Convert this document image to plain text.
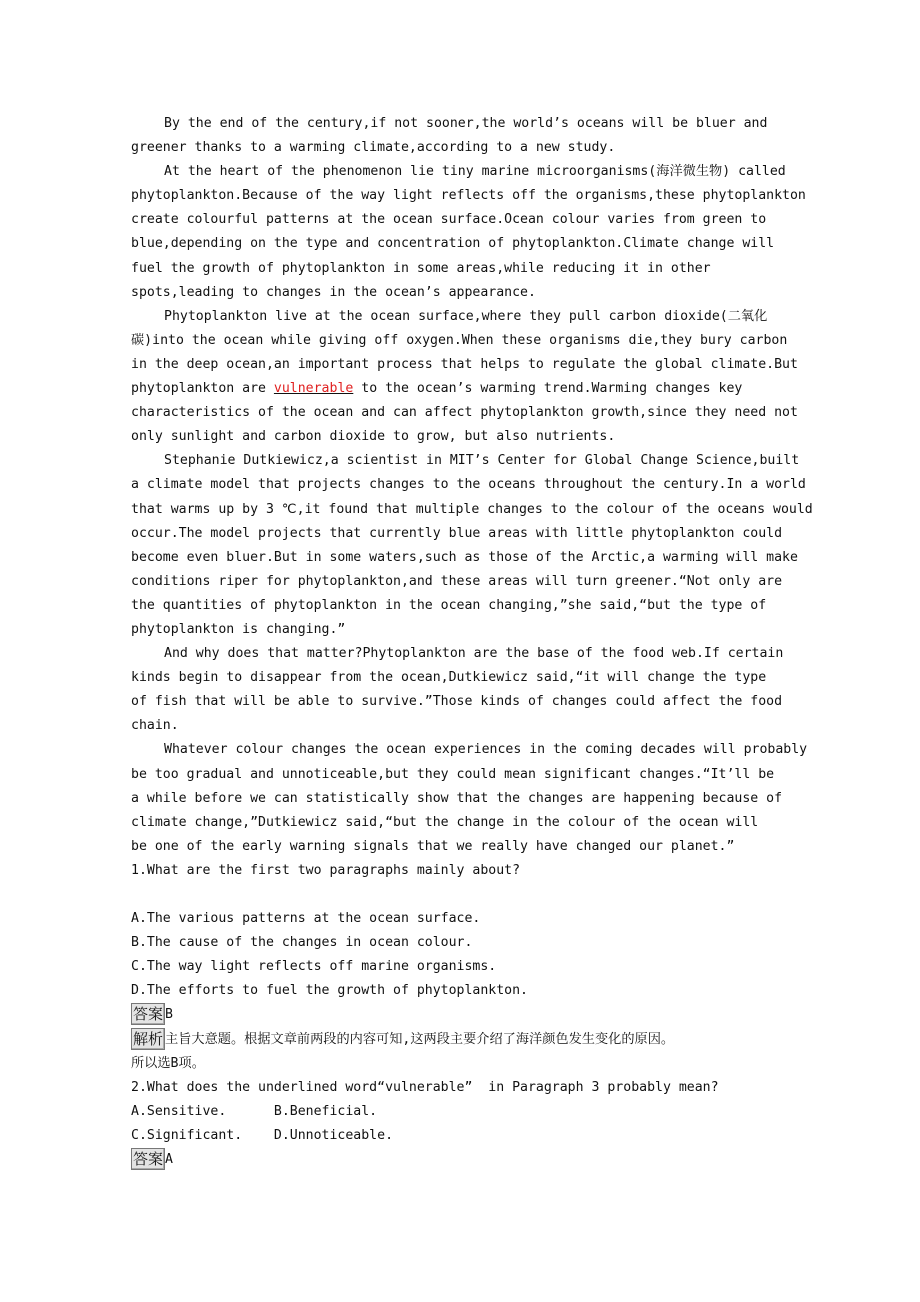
By the end of the century,if not sooner,the world’s oceans will be bluer and
greener thanks to a warming climate,according to a new study.
At the heart of the phenomenon lie tiny marine microorganisms(海洋微生物) called
phytoplankton.Because of the way light reflects off the organisms,these phytoplankton
create colourful patterns at the ocean surface.Ocean colour varies from green to
blue,depending on the type and concentration of phytoplankton.Climate change will
fuel the growth of phytoplankton in some areas,while reducing it in other
spots,leading to changes in the ocean’s appearance.
Phytoplankton live at the ocean surface,where they pull carbon dioxide(二氧化
碳)into the ocean while giving off oxygen.When these organisms die,they bury carbon
in the deep ocean,an important process that helps to regulate the global climate.But
phytoplankton are vulnerable to the ocean’s warming trend.Warming changes key
characteristics of the ocean and can affect phytoplankton growth,since they need not
only sunlight and carbon dioxide to grow, but also nutrients.
Stephanie Dutkiewicz,a scientist in MIT’s Center for Global Change Science,built
a climate model that projects changes to the oceans throughout the century.In a world
that warms up by 3 ℃,it found that multiple changes to the colour of the oceans would
occur.The model projects that currently blue areas with little phytoplankton could
become even bluer.But in some waters,such as those of the Arctic,a warming will make
conditions riper for phytoplankton,and these areas will turn greener.“Not only are
the quantities of phytoplankton in the ocean changing,”she said,“but the type of
phytoplankton is changing.”
And why does that matter?Phytoplankton are the base of the food web.If certain
kinds begin to disappear from the ocean,Dutkiewicz said,“it will change the type
of fish that will be able to survive.”Those kinds of changes could affect the food
chain.
Whatever colour changes the ocean experiences in the coming decades will probably
be too gradual and unnoticeable,but they could mean significant changes.“It’ll be
a while before we can statistically show that the changes are happening because of
climate change,”Dutkiewicz said,“but the change in the colour of the ocean will
be one of the early warning signals that we really have changed our planet.”
1.What are the first two paragraphs mainly about?
A.The various patterns at the ocean surface.
B.The cause of the changes in ocean colour.
C.The way light reflects off marine organisms.
D.The efforts to fuel the growth of phytoplankton.
答案 B
解析 主旨大意题。根据文章前两段的内容可知,这两段主要介绍了海洋颜色发生变化的原因。
所以选B项。
2.What does the underlined word“vulnerable”  in Paragraph 3 probably mean?
A.Sensitive.      B.Beneficial.
C.Significant.    D.Unnoticeable.
答案 A
